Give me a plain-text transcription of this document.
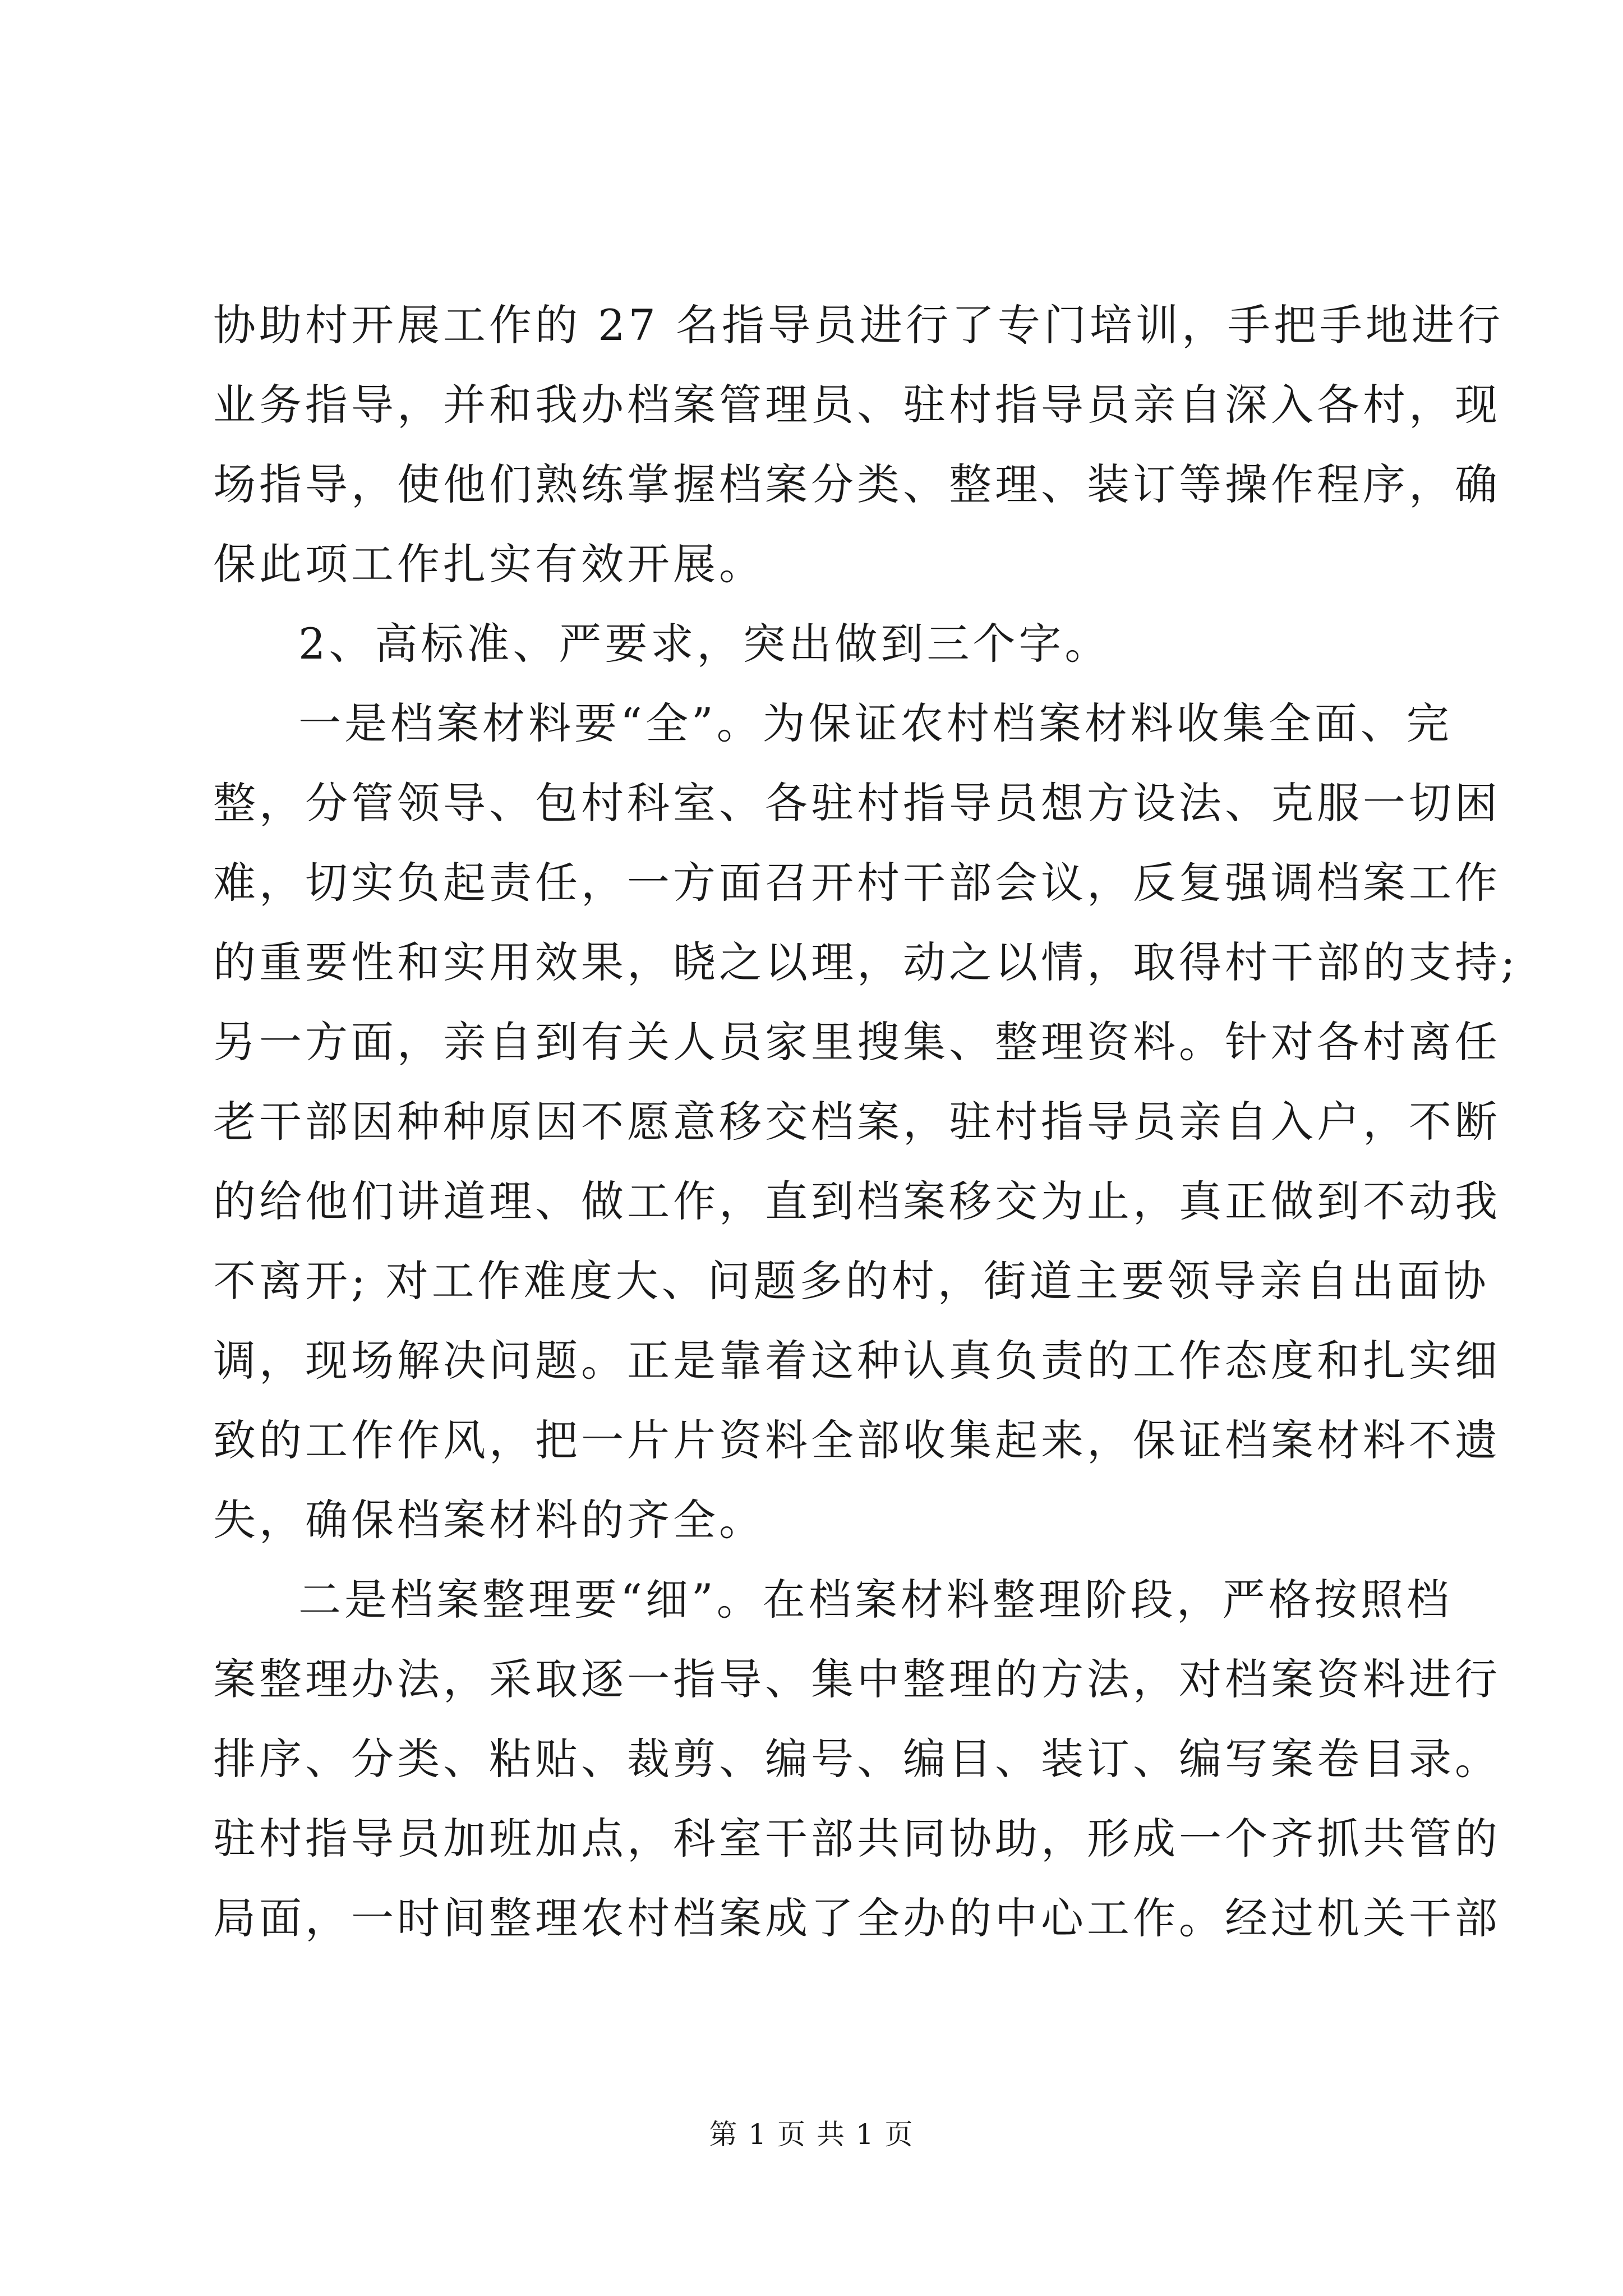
协助村开展工作的 27 名指导员进行了专门培训，手把手地进行
业务指导，并和我办档案管理员、驻村指导员亲自深入各村，现
场指导，使他们熟练掌握档案分类、整理、装订等操作程序，确
保此项工作扎实有效开展。
2、高标准、严要求，突出做到三个字。
一是档案材料要“全”。为保证农村档案材料收集全面、完
整，分管领导、包村科室、各驻村指导员想方设法、克服一切困
难，切实负起责任，一方面召开村干部会议，反复强调档案工作
的重要性和实用效果，晓之以理，动之以情，取得村干部的支持;
另一方面，亲自到有关人员家里搜集、整理资料。针对各村离任
老干部因种种原因不愿意移交档案，驻村指导员亲自入户，不断
的给他们讲道理、做工作，直到档案移交为止，真正做到不动我
不离开; 对工作难度大、问题多的村，街道主要领导亲自出面协
调，现场解决问题。正是靠着这种认真负责的工作态度和扎实细
致的工作作风，把一片片资料全部收集起来，保证档案材料不遗
失，确保档案材料的齐全。
二是档案整理要“细”。在档案材料整理阶段，严格按照档
案整理办法，采取逐一指导、集中整理的方法，对档案资料进行
排序、分类、粘贴、裁剪、编号、编目、装订、编写案卷目录。
驻村指导员加班加点，科室干部共同协助，形成一个齐抓共管的
局面，一时间整理农村档案成了全办的中心工作。经过机关干部
第 1 页 共 1 页
